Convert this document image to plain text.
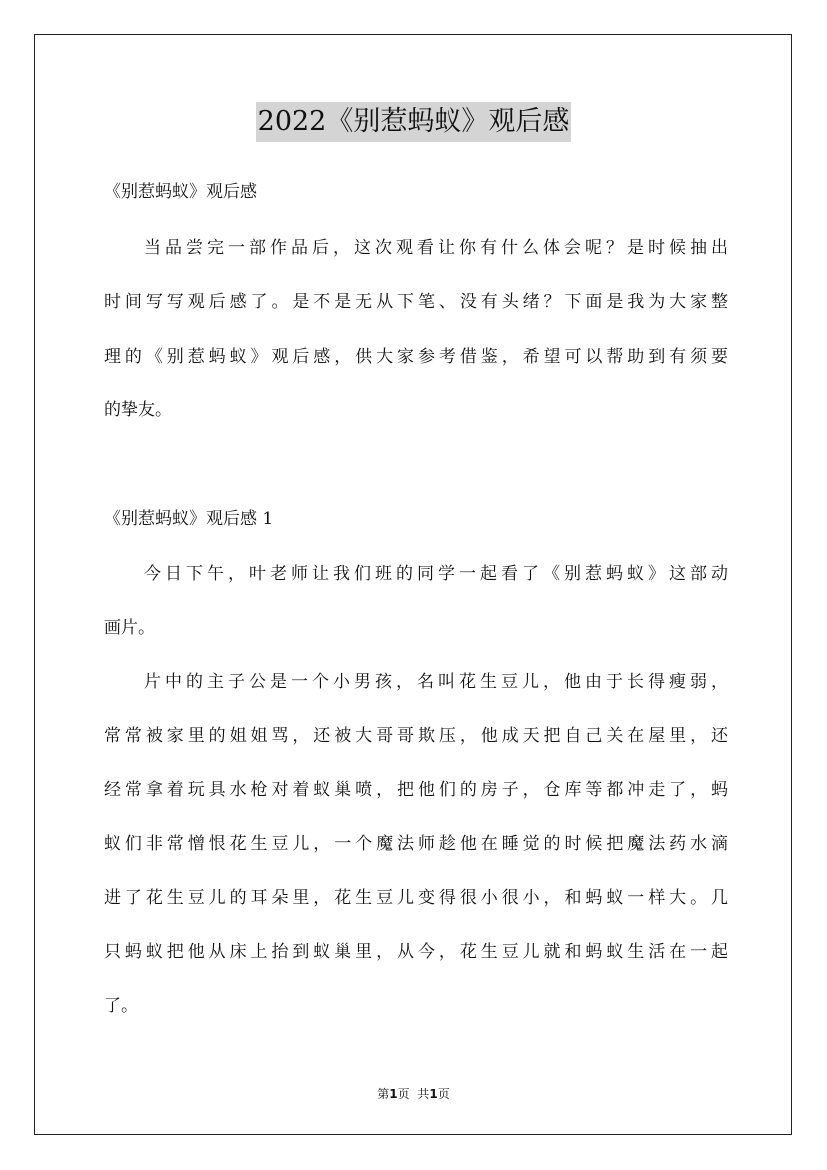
2022《别惹蚂蚁》观后感
《别惹蚂蚁》观后感
当品尝完一部作品后，这次观看让你有什么体会呢？是时候抽出
时间写写观后感了。是不是无从下笔、没有头绪？下面是我为大家整
理的《别惹蚂蚁》观后感，供大家参考借鉴，希望可以帮助到有须要
的挚友。
《别惹蚂蚁》观后感 1
今日下午，叶老师让我们班的同学一起看了《别惹蚂蚁》这部动
画片。
片中的主子公是一个小男孩，名叫花生豆儿，他由于长得瘦弱，
常常被家里的姐姐骂，还被大哥哥欺压，他成天把自己关在屋里，还
经常拿着玩具水枪对着蚁巢喷，把他们的房子，仓库等都冲走了，蚂
蚁们非常憎恨花生豆儿，一个魔法师趁他在睡觉的时候把魔法药水滴
进了花生豆儿的耳朵里，花生豆儿变得很小很小，和蚂蚁一样大。几
只蚂蚁把他从床上抬到蚁巢里，从今，花生豆儿就和蚂蚁生活在一起
了。
第1页 共1页
